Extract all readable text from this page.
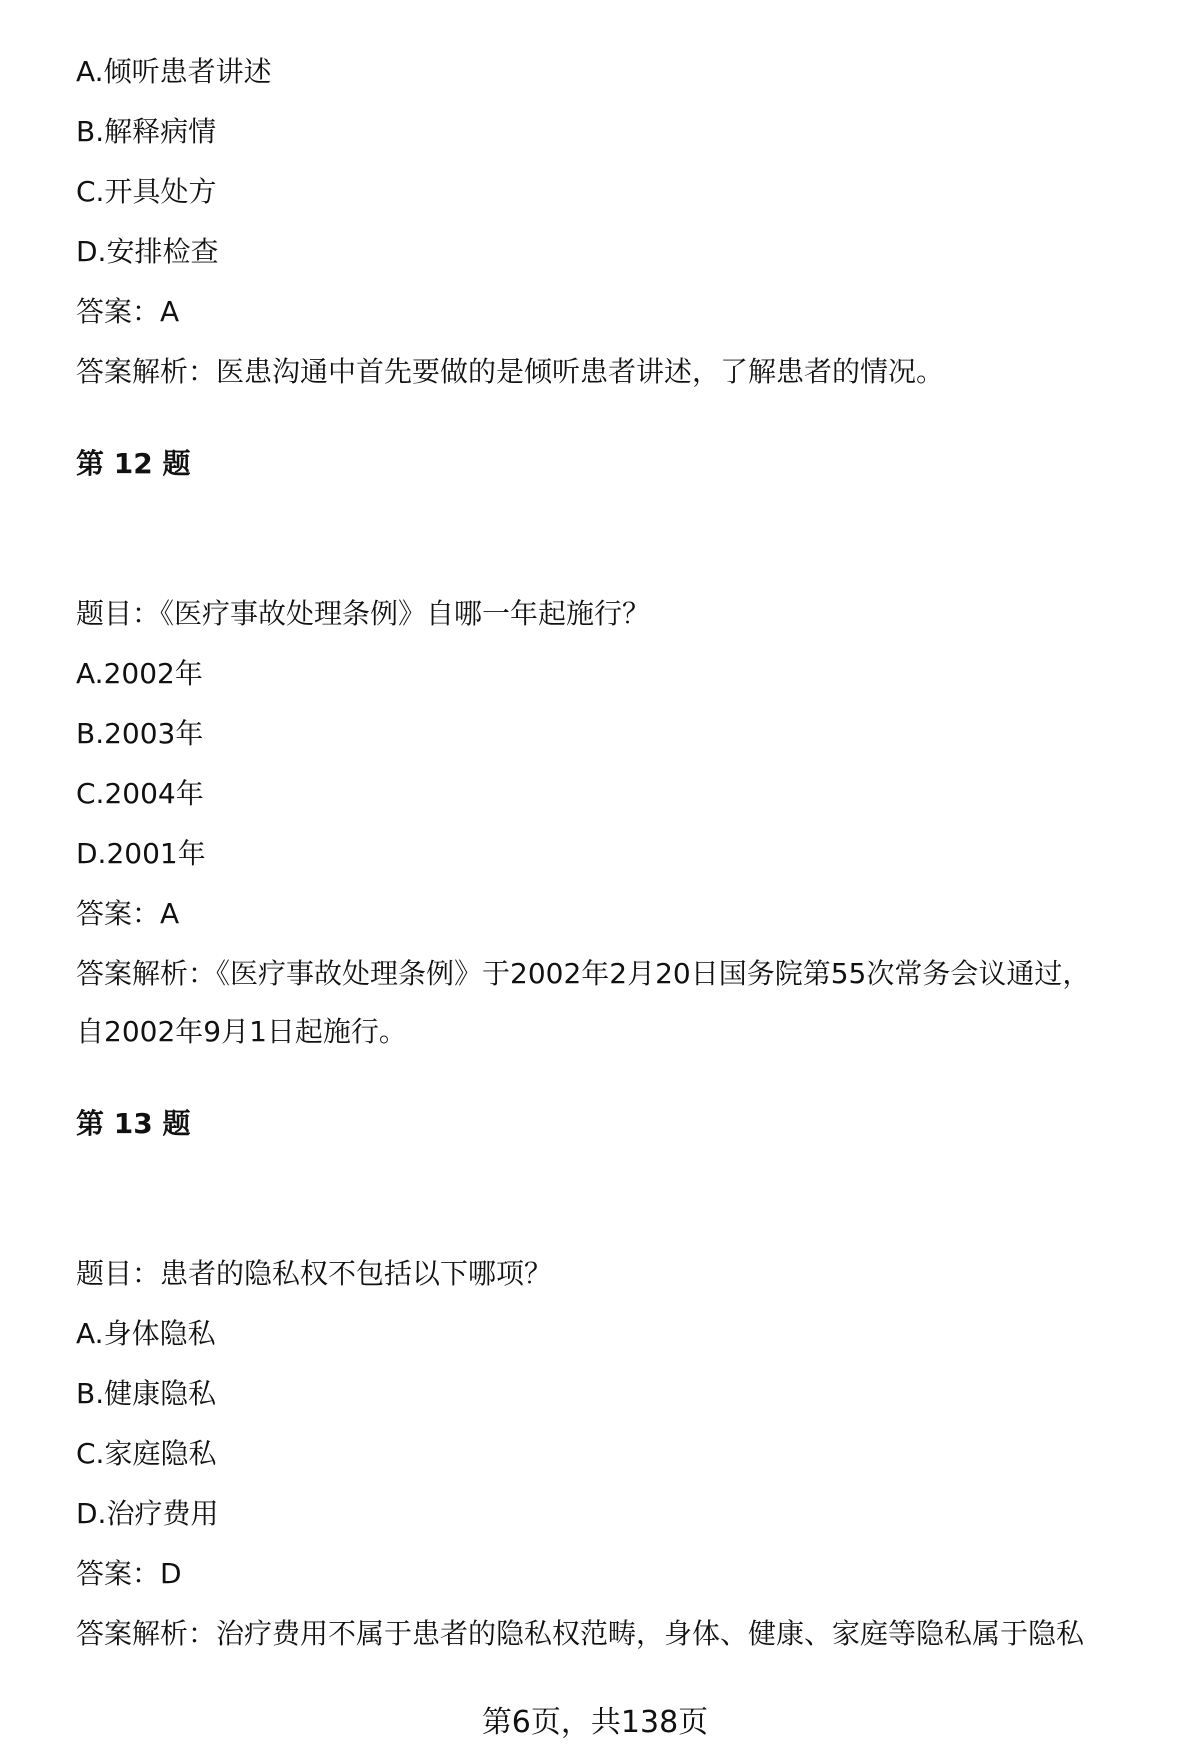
A.倾听患者讲述

B.解释病情

C.开具处方

D.安排检查

答案：A

答案解析：医患沟通中首先要做的是倾听患者讲述，了解患者的情况。

第 12 题

题目：《医疗事故处理条例》自哪一年起施行？

A.2002年

B.2003年

C.2004年

D.2001年

答案：A

答案解析：《医疗事故处理条例》于2002年2月20日国务院第55次常务会议通过，

自2002年9月1日起施行。

第 13 题

题目：患者的隐私权不包括以下哪项？

A.身体隐私

B.健康隐私

C.家庭隐私

D.治疗费用

答案：D

答案解析：治疗费用不属于患者的隐私权范畴，身体、健康、家庭等隐私属于隐私

第6页，共138页
